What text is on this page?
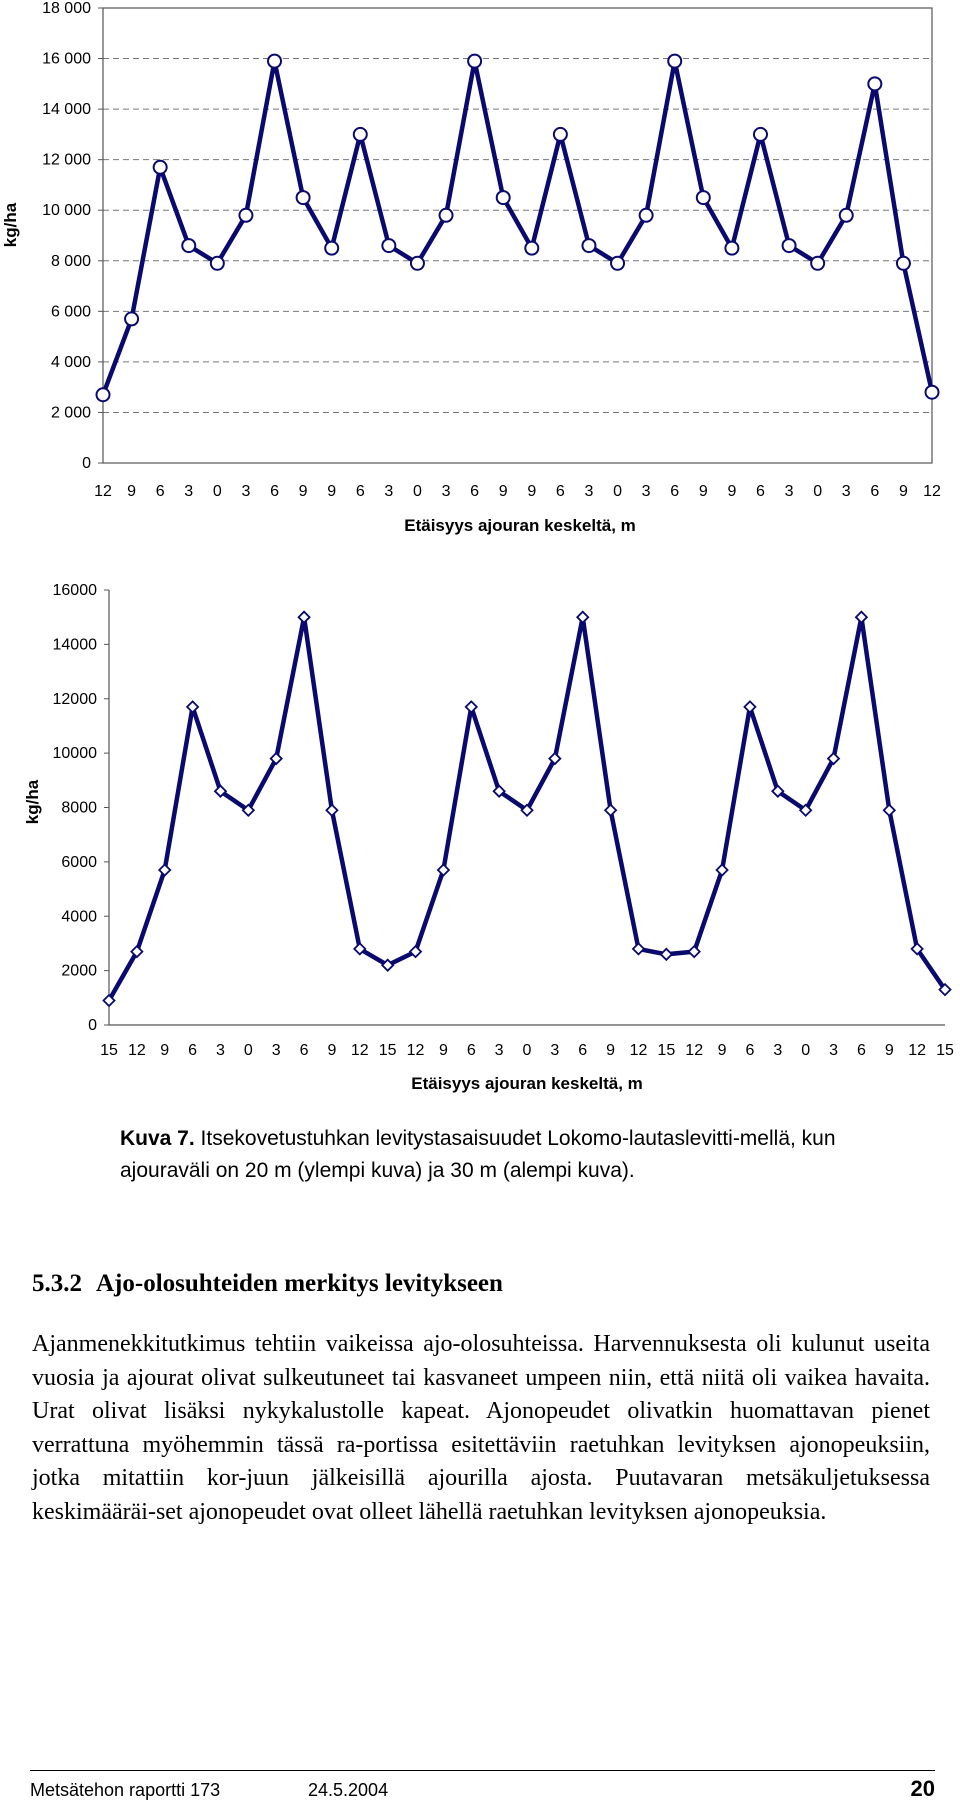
0
2 000
4 000
6 000
8 000
10 000
12 000
14 000
16 000
18 000
12 9 6 3 0 3 6 9 9 6 3 0 3 6 9 9 6 3 0 3 6 9 9 6 3 0 3 6 9 12
kg/ha
Etäisyys ajouran keskeltä, m
0
2000
4000
6000
8000
10000
12000
14000
16000
15 12 9 6 3 0 3 6 9 12 15 12 9 6 3 0 3 6 9 12 15 12 9 6 3 0 3 6 9 12 15
kg/ha
Etäisyys ajouran keskeltä, m
Kuva 7. Itsekovetustuhkan levitystasaisuudet Lokomo-lautaslevitti-mellä, kun ajouraväli on 20 m (ylempi kuva) ja 30 m (alempi kuva).
5.3.2 Ajo-olosuhteiden merkitys levitykseen

Ajanmenekkitutkimus tehtiin vaikeissa ajo-olosuhteissa. Harvennuksesta oli kulunut useita vuosia ja ajourat olivat sulkeutuneet tai kasvaneet umpeen niin, että niitä oli vaikea havaita. Urat olivat lisäksi nykykalustolle kapeat. Ajonopeudet olivatkin huomattavan pienet verrattuna myöhemmin tässä ra-portissa esitettäviin raetuhkan levityksen ajonopeuksiin, jotka mitattiin kor-juun jälkeisillä ajourilla ajosta. Puutavaran metsäkuljetuksessa keskimääräi-set ajonopeudet ovat olleet lähellä raetuhkan levityksen ajonopeuksia.

Metsätehon raportti 173	24.5.2004	20
